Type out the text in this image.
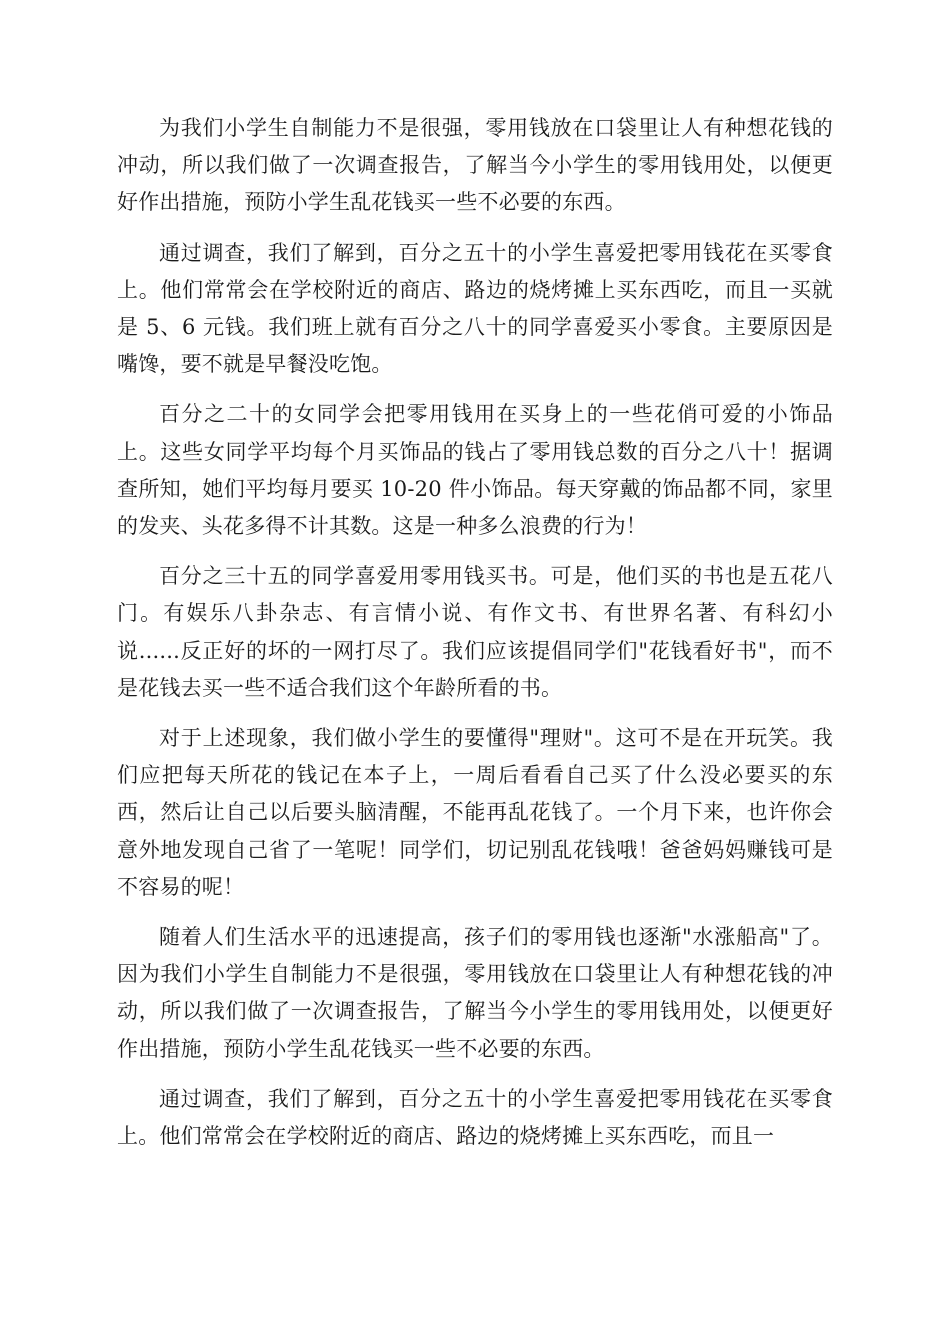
为我们小学生自制能力不是很强，零用钱放在口袋里让人有种想花钱的冲动，所以我们做了一次调查报告，了解当今小学生的零用钱用处，以便更好作出措施，预防小学生乱花钱买一些不必要的东西。

通过调查，我们了解到，百分之五十的小学生喜爱把零用钱花在买零食上。他们常常会在学校附近的商店、路边的烧烤摊上买东西吃，而且一买就是 5、6 元钱。我们班上就有百分之八十的同学喜爱买小零食。主要原因是嘴馋，要不就是早餐没吃饱。

百分之二十的女同学会把零用钱用在买身上的一些花俏可爱的小饰品上。这些女同学平均每个月买饰品的钱占了零用钱总数的百分之八十！据调查所知，她们平均每月要买 10-20 件小饰品。每天穿戴的饰品都不同，家里的发夹、头花多得不计其数。这是一种多么浪费的行为！

百分之三十五的同学喜爱用零用钱买书。可是，他们买的书也是五花八门。有娱乐八卦杂志、有言情小说、有作文书、有世界名著、有科幻小说......反正好的坏的一网打尽了。我们应该提倡同学们"花钱看好书"，而不是花钱去买一些不适合我们这个年龄所看的书。

对于上述现象，我们做小学生的要懂得"理财"。这可不是在开玩笑。我们应把每天所花的钱记在本子上，一周后看看自己买了什么没必要买的东西，然后让自己以后要头脑清醒，不能再乱花钱了。一个月下来，也许你会意外地发现自己省了一笔呢！同学们，切记别乱花钱哦！爸爸妈妈赚钱可是不容易的呢！

随着人们生活水平的迅速提高，孩子们的零用钱也逐渐"水涨船高"了。因为我们小学生自制能力不是很强，零用钱放在口袋里让人有种想花钱的冲动，所以我们做了一次调查报告，了解当今小学生的零用钱用处，以便更好作出措施，预防小学生乱花钱买一些不必要的东西。

通过调查，我们了解到，百分之五十的小学生喜爱把零用钱花在买零食上。他们常常会在学校附近的商店、路边的烧烤摊上买东西吃，而且一
